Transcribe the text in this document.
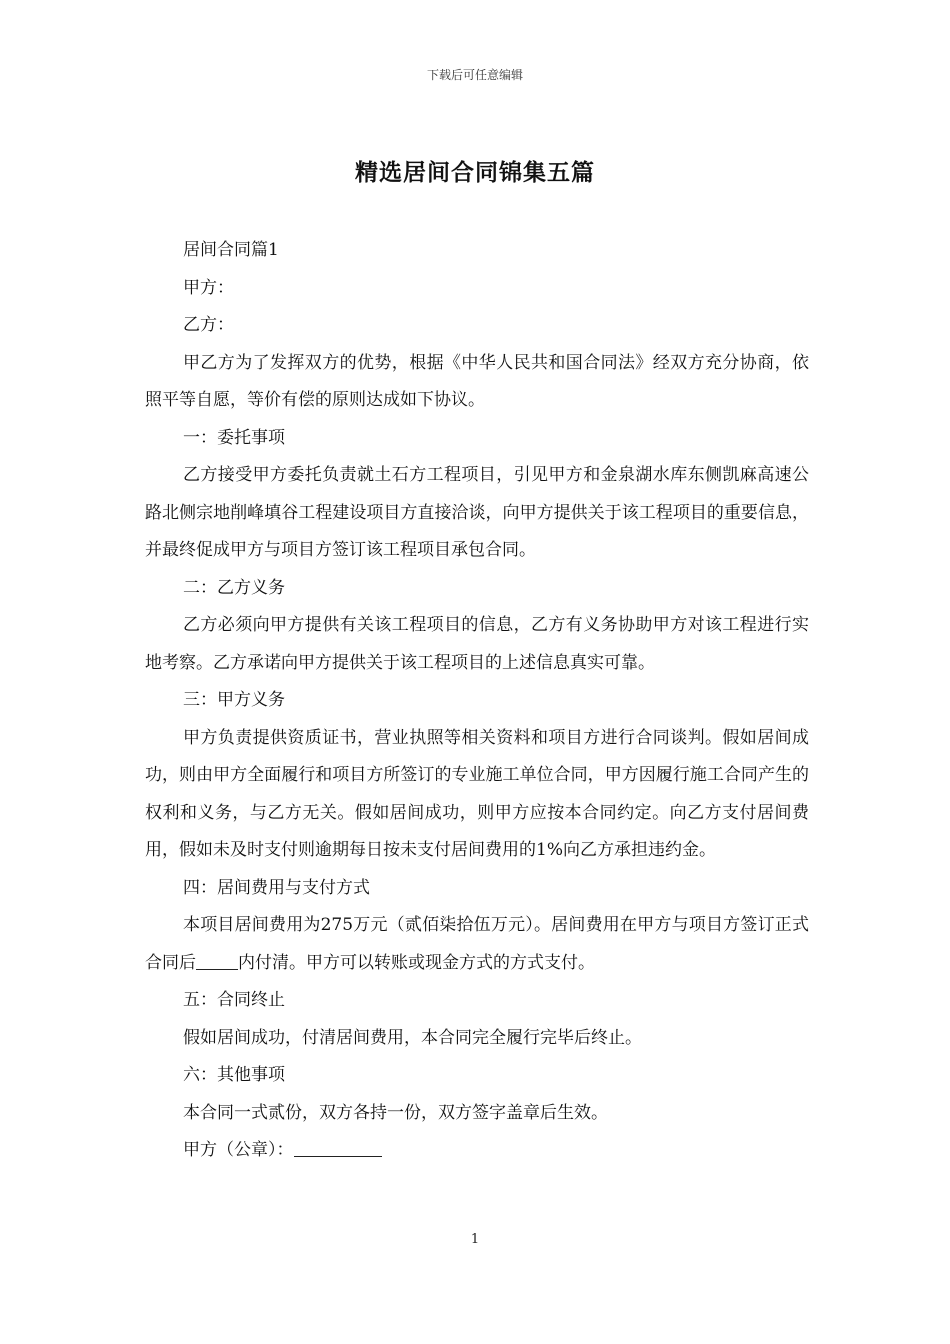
下载后可任意编辑
精选居间合同锦集五篇

居间合同篇1

甲方：

乙方：

甲乙方为了发挥双方的优势，根据《中华人民共和国合同法》经双方充分协商，依照平等自愿，等价有偿的原则达成如下协议。

一：委托事项

乙方接受甲方委托负责就土石方工程项目，引见甲方和金泉湖水库东侧凯麻高速公路北侧宗地削峰填谷工程建设项目方直接洽谈，向甲方提供关于该工程项目的重要信息，并最终促成甲方与项目方签订该工程项目承包合同。

二：乙方义务

乙方必须向甲方提供有关该工程项目的信息，乙方有义务协助甲方对该工程进行实地考察。乙方承诺向甲方提供关于该工程项目的上述信息真实可靠。

三：甲方义务

甲方负责提供资质证书，营业执照等相关资料和项目方进行合同谈判。假如居间成功，则由甲方全面履行和项目方所签订的专业施工单位合同，甲方因履行施工合同产生的权利和义务，与乙方无关。假如居间成功，则甲方应按本合同约定。向乙方支付居间费用，假如未及时支付则逾期每日按未支付居间费用的1%向乙方承担违约金。

四：居间费用与支付方式

本项目居间费用为275万元（贰佰柒拾伍万元）。居间费用在甲方与项目方签订正式合同后 内付清。甲方可以转账或现金方式的方式支付。

五：合同终止

假如居间成功，付清居间费用，本合同完全履行完毕后终止。

六：其他事项

本合同一式贰份，双方各持一份，双方签字盖章后生效。

甲方（公章）：

1
